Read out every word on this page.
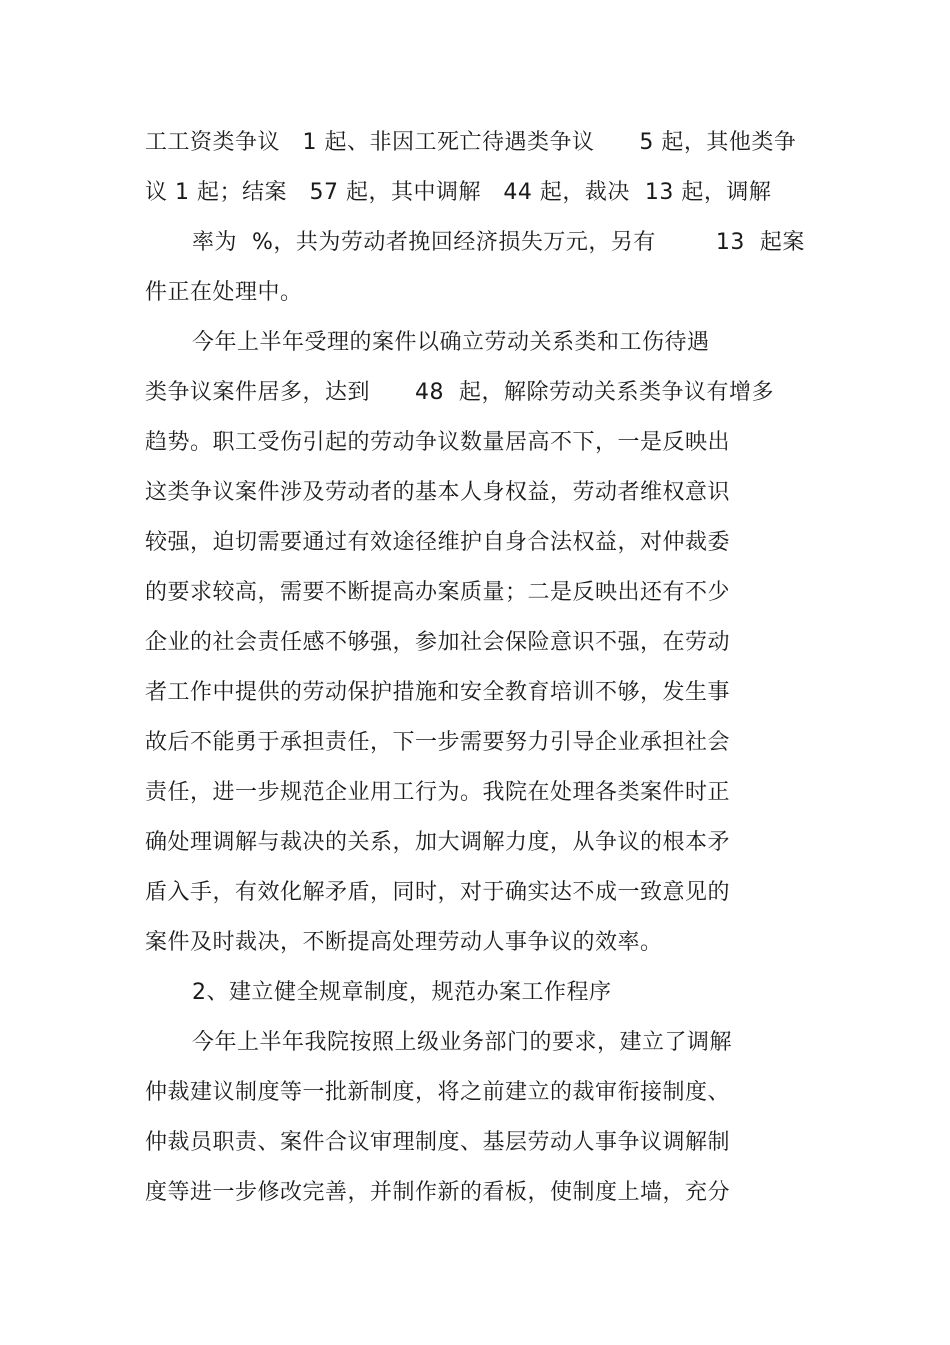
工工资类争议   1 起、非因工死亡待遇类争议      5 起，其他类争
议 1 起；结案   57 起，其中调解   44 起，裁决  13 起，调解
率为  %，共为劳动者挽回经济损失万元，另有        13  起案
件正在处理中。
今年上半年受理的案件以确立劳动关系类和工伤待遇
类争议案件居多，达到      48  起，解除劳动关系类争议有增多
趋势。职工受伤引起的劳动争议数量居高不下，一是反映出
这类争议案件涉及劳动者的基本人身权益，劳动者维权意识
较强，迫切需要通过有效途径维护自身合法权益，对仲裁委
的要求较高，需要不断提高办案质量；二是反映出还有不少
企业的社会责任感不够强，参加社会保险意识不强，在劳动
者工作中提供的劳动保护措施和安全教育培训不够，发生事
故后不能勇于承担责任，下一步需要努力引导企业承担社会
责任，进一步规范企业用工行为。我院在处理各类案件时正
确处理调解与裁决的关系，加大调解力度，从争议的根本矛
盾入手，有效化解矛盾，同时，对于确实达不成一致意见的
案件及时裁决，不断提高处理劳动人事争议的效率。
2、建立健全规章制度，规范办案工作程序
今年上半年我院按照上级业务部门的要求，建立了调解
仲裁建议制度等一批新制度，将之前建立的裁审衔接制度、
仲裁员职责、案件合议审理制度、基层劳动人事争议调解制
度等进一步修改完善，并制作新的看板，使制度上墙，充分
